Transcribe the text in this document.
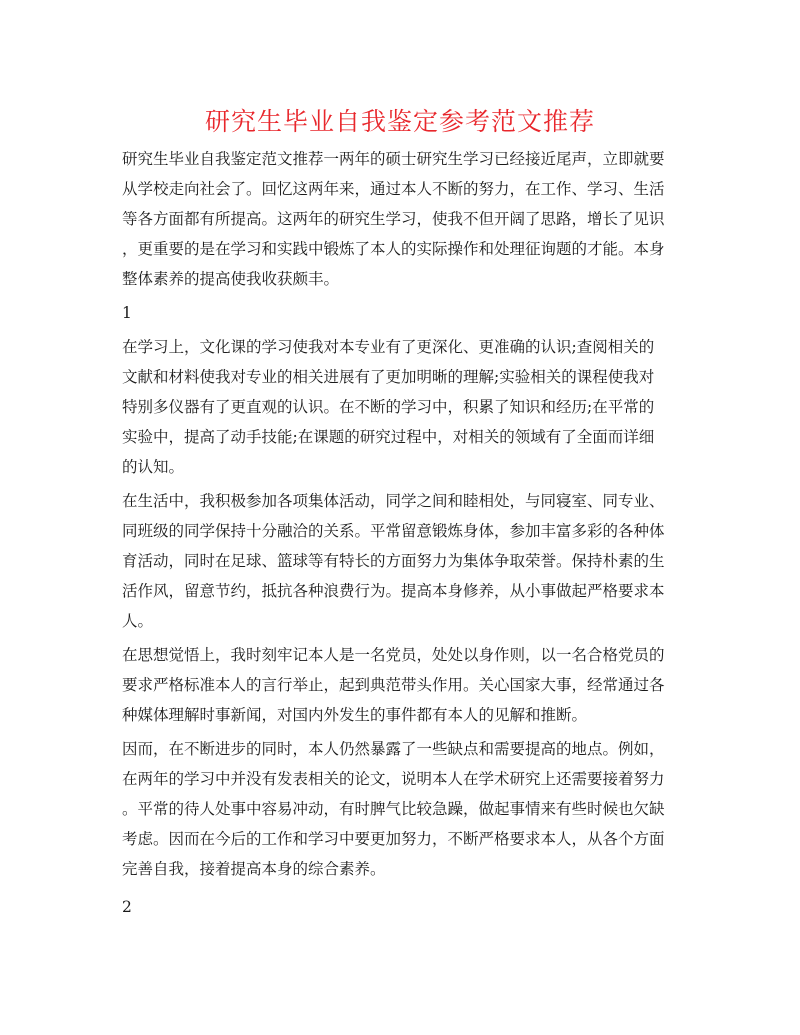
研究生毕业自我鉴定参考范文推荐
研究生毕业自我鉴定范文推荐一两年的硕士研究生学习已经接近尾声，立即就要
从学校走向社会了。回忆这两年来，通过本人不断的努力，在工作、学习、生活
等各方面都有所提高。这两年的研究生学习，使我不但开阔了思路，增长了见识
，更重要的是在学习和实践中锻炼了本人的实际操作和处理征询题的才能。本身
整体素养的提高使我收获颇丰。
1
在学习上，文化课的学习使我对本专业有了更深化、更准确的认识;查阅相关的
文献和材料使我对专业的相关进展有了更加明晰的理解;实验相关的课程使我对
特别多仪器有了更直观的认识。在不断的学习中，积累了知识和经历;在平常的
实验中，提高了动手技能;在课题的研究过程中，对相关的领域有了全面而详细
的认知。
在生活中，我积极参加各项集体活动，同学之间和睦相处，与同寝室、同专业、
同班级的同学保持十分融洽的关系。平常留意锻炼身体，参加丰富多彩的各种体
育活动，同时在足球、篮球等有特长的方面努力为集体争取荣誉。保持朴素的生
活作风，留意节约，抵抗各种浪费行为。提高本身修养，从小事做起严格要求本
人。
在思想觉悟上，我时刻牢记本人是一名党员，处处以身作则，以一名合格党员的
要求严格标准本人的言行举止，起到典范带头作用。关心国家大事，经常通过各
种媒体理解时事新闻，对国内外发生的事件都有本人的见解和推断。
因而，在不断进步的同时，本人仍然暴露了一些缺点和需要提高的地点。例如，
在两年的学习中并没有发表相关的论文，说明本人在学术研究上还需要接着努力
。平常的待人处事中容易冲动，有时脾气比较急躁，做起事情来有些时候也欠缺
考虑。因而在今后的工作和学习中要更加努力，不断严格要求本人，从各个方面
完善自我，接着提高本身的综合素养。
2
